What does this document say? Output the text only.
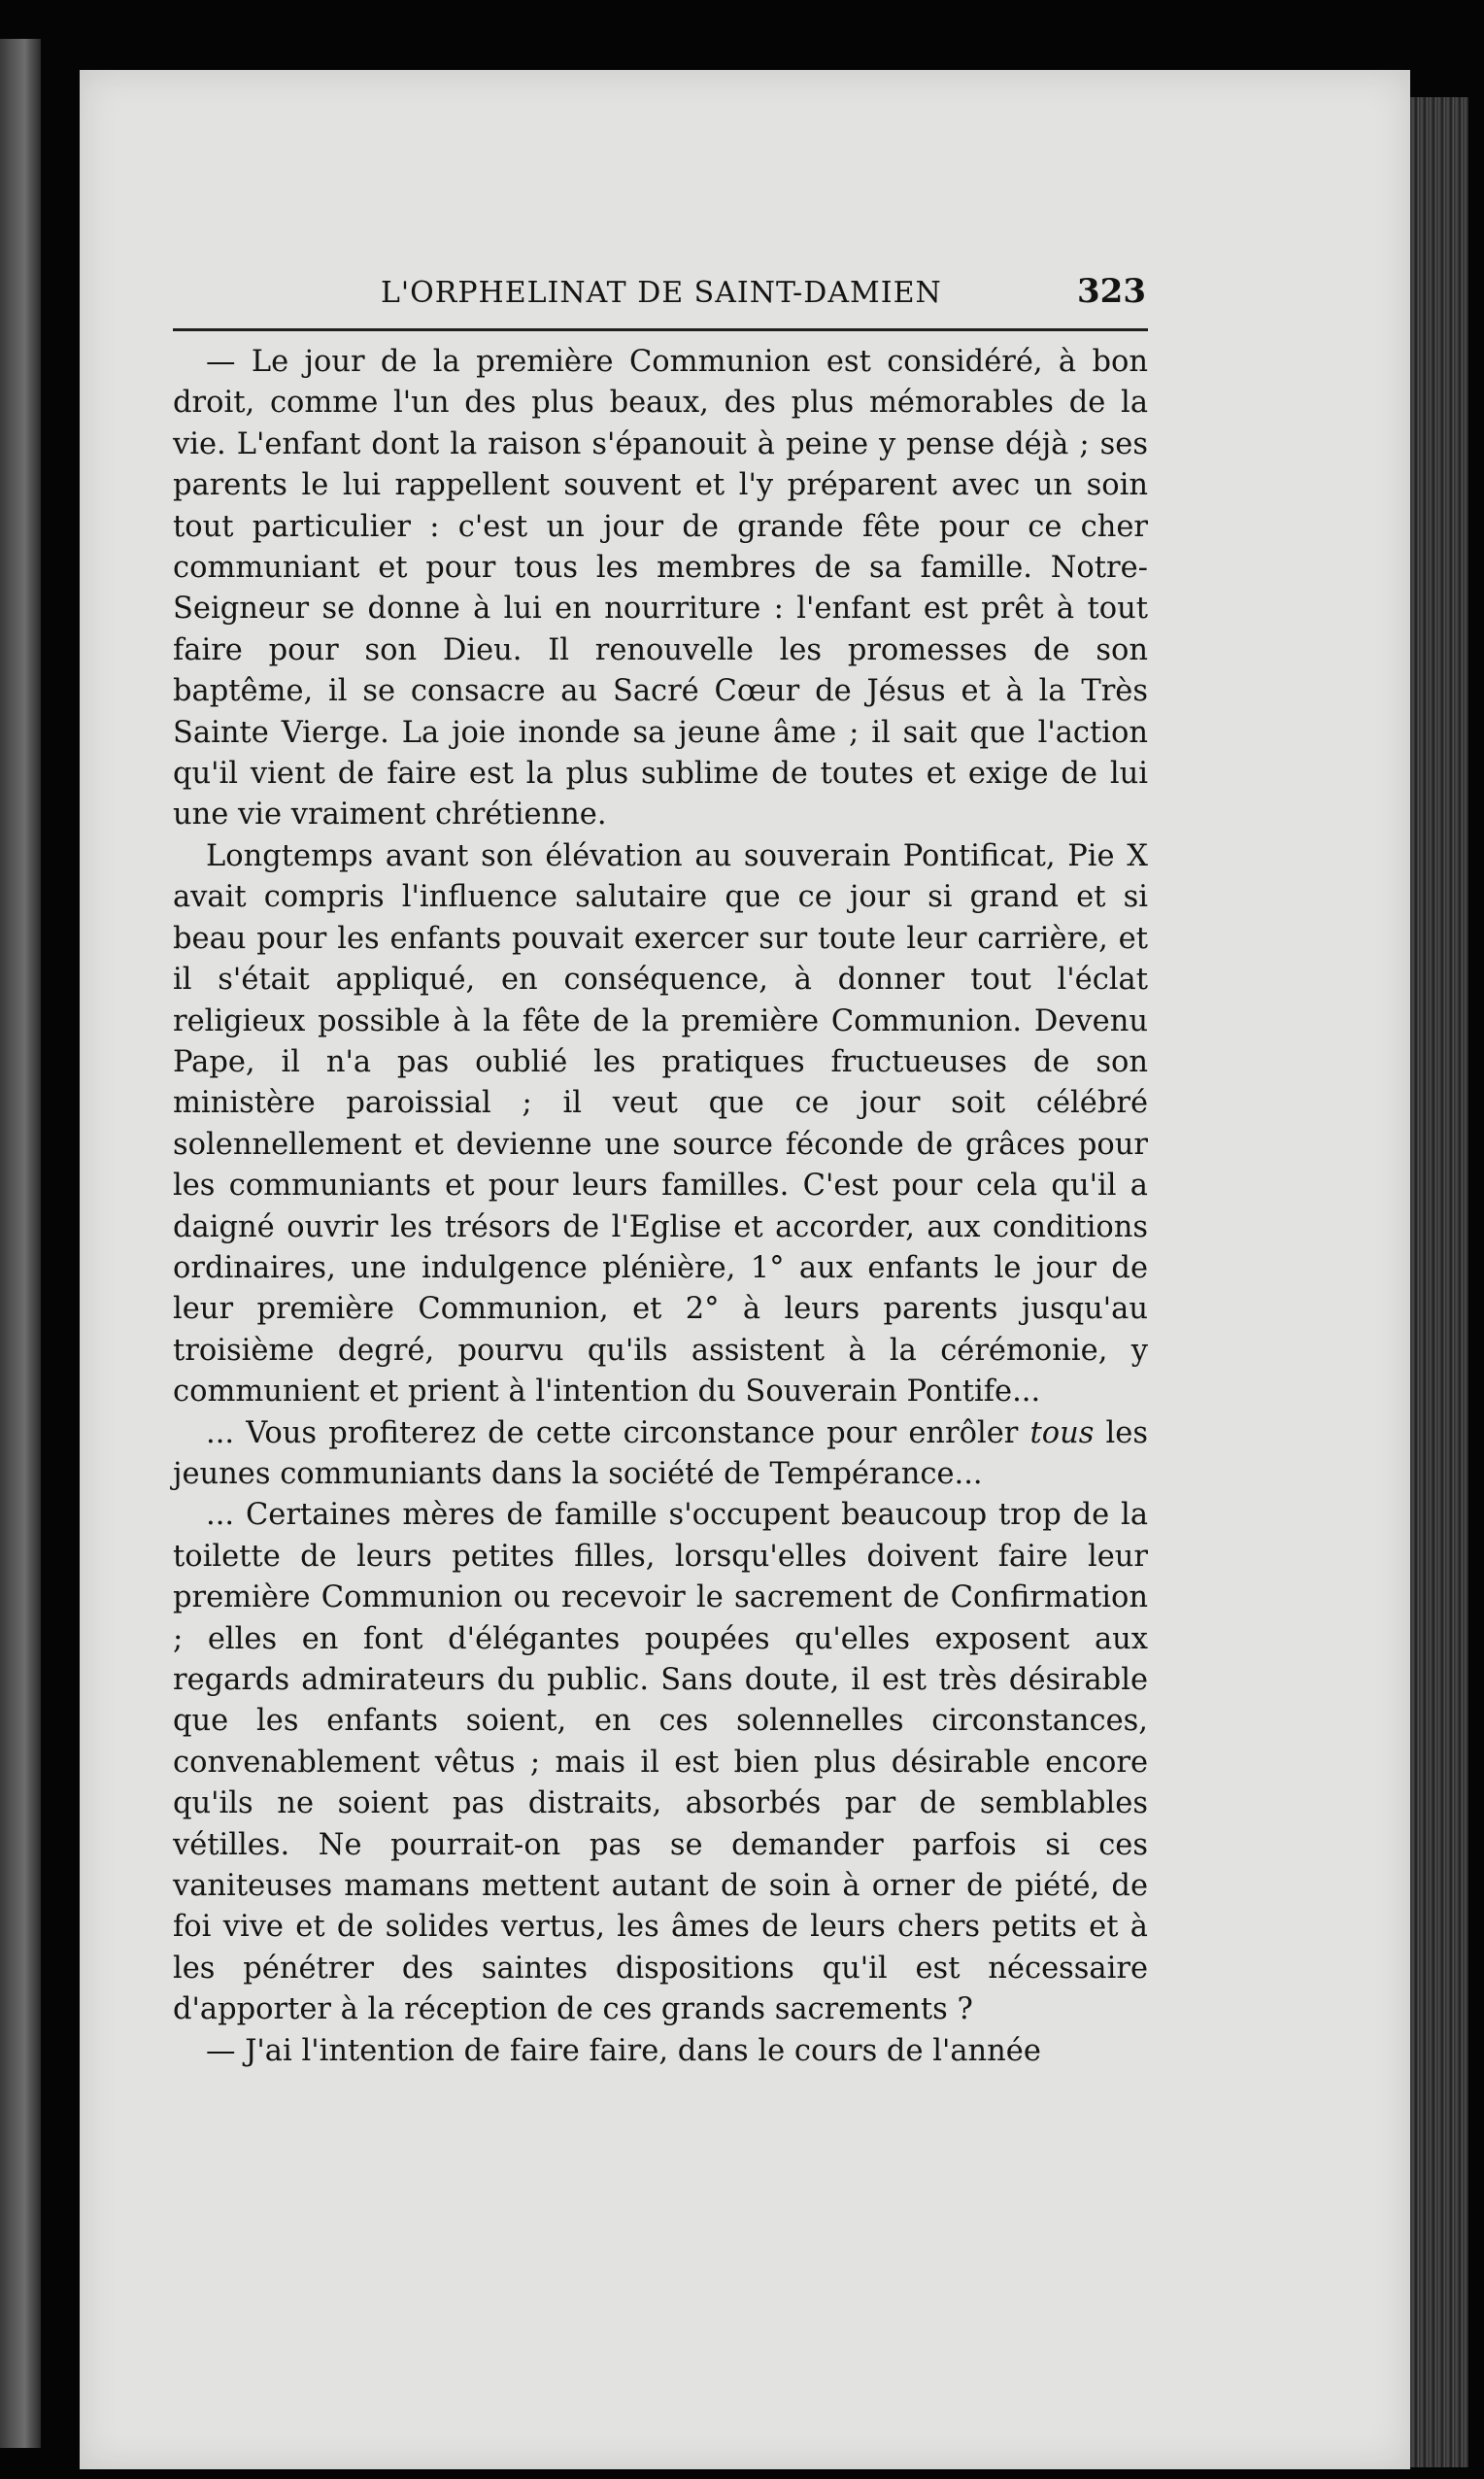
L'ORPHELINAT DE SAINT-DAMIEN	323

— Le jour de la première Communion est considéré, à bon droit, comme l'un des plus beaux, des plus mémorables de la vie. L'enfant dont la raison s'épanouit à peine y pense déjà ; ses parents le lui rappellent souvent et l'y préparent avec un soin tout particulier : c'est un jour de grande fête pour ce cher communiant et pour tous les membres de sa famille. Notre-Seigneur se donne à lui en nourriture : l'enfant est prêt à tout faire pour son Dieu. Il renouvelle les promesses de son baptême, il se consacre au Sacré Cœur de Jésus et à la Très Sainte Vierge. La joie inonde sa jeune âme ; il sait que l'action qu'il vient de faire est la plus sublime de toutes et exige de lui une vie vraiment chrétienne.

Longtemps avant son élévation au souverain Pontificat, Pie X avait compris l'influence salutaire que ce jour si grand et si beau pour les enfants pouvait exercer sur toute leur carrière, et il s'était appliqué, en conséquence, à donner tout l'éclat religieux possible à la fête de la première Communion. Devenu Pape, il n'a pas oublié les pratiques fructueuses de son ministère paroissial ; il veut que ce jour soit célébré solennellement et devienne une source féconde de grâces pour les communiants et pour leurs familles. C'est pour cela qu'il a daigné ouvrir les trésors de l'Eglise et accorder, aux conditions ordinaires, une indulgence plénière, 1° aux enfants le jour de leur première Communion, et 2° à leurs parents jusqu'au troisième degré, pourvu qu'ils assistent à la cérémonie, y communient et prient à l'intention du Souverain Pontife...

... Vous profiterez de cette circonstance pour enrôler tous les jeunes communiants dans la société de Tempérance...

... Certaines mères de famille s'occupent beaucoup trop de la toilette de leurs petites filles, lorsqu'elles doivent faire leur première Communion ou recevoir le sacrement de Confirmation ; elles en font d'élégantes poupées qu'elles exposent aux regards admirateurs du public. Sans doute, il est très désirable que les enfants soient, en ces solennelles circonstances, convenablement vêtus ; mais il est bien plus désirable encore qu'ils ne soient pas distraits, absorbés par de semblables vétilles. Ne pourrait-on pas se demander parfois si ces vaniteuses mamans mettent autant de soin à orner de piété, de foi vive et de solides vertus, les âmes de leurs chers petits et à les pénétrer des saintes dispositions qu'il est nécessaire d'apporter à la réception de ces grands sacrements ?

— J'ai l'intention de faire faire, dans le cours de l'année
